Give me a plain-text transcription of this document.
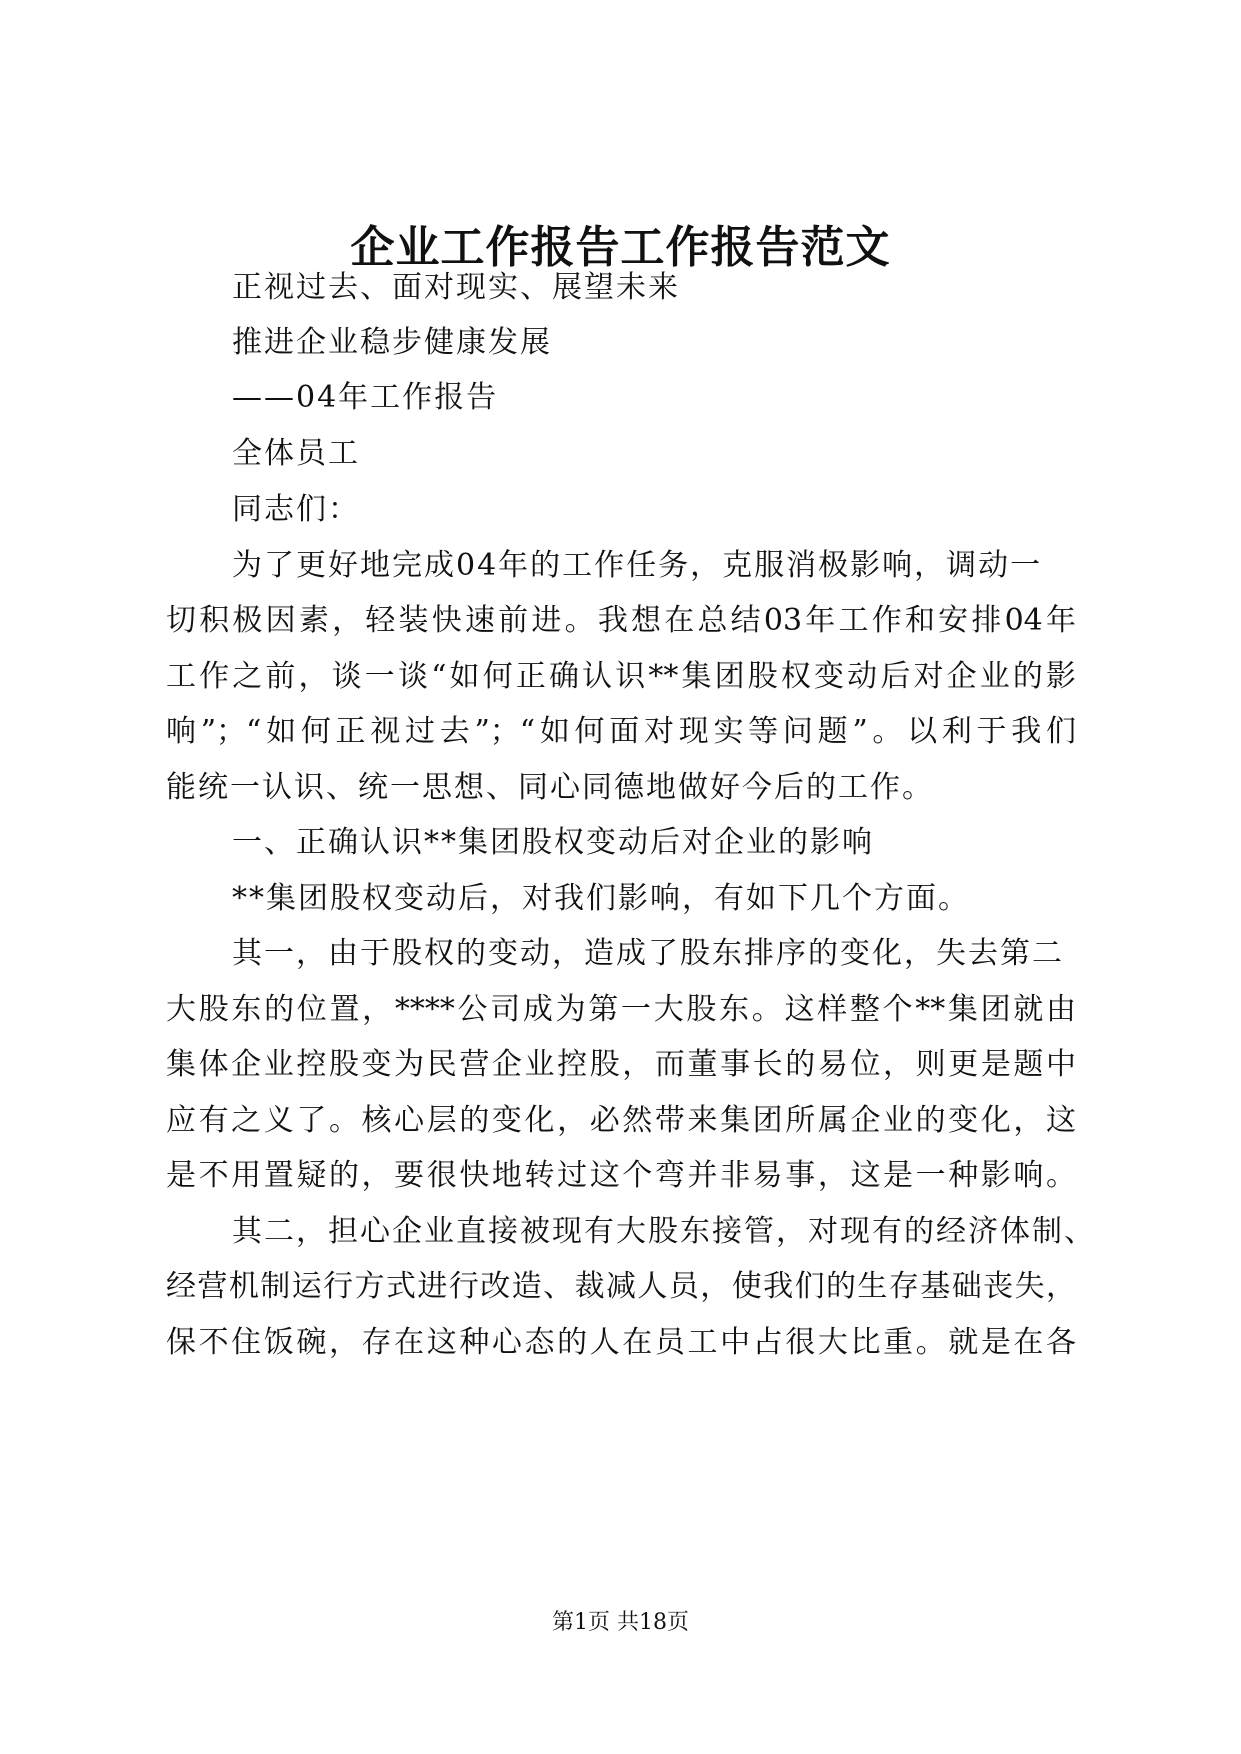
企业工作报告工作报告范文
正视过去、面对现实、展望未来
推进企业稳步健康发展
——04年工作报告
全体员工
同志们：
为了更好地完成04年的工作任务，克服消极影响，调动一
切积极因素，轻装快速前进。我想在总结03年工作和安排04年
工作之前，谈一谈“如何正确认识**集团股权变动后对企业的影
响”；“如何正视过去”；“如何面对现实等问题”。以利于我们
能统一认识、统一思想、同心同德地做好今后的工作。
一、正确认识**集团股权变动后对企业的影响
**集团股权变动后，对我们影响，有如下几个方面。
其一，由于股权的变动，造成了股东排序的变化，失去第二
大股东的位置，****公司成为第一大股东。这样整个**集团就由
集体企业控股变为民营企业控股，而董事长的易位，则更是题中
应有之义了。核心层的变化，必然带来集团所属企业的变化，这
是不用置疑的，要很快地转过这个弯并非易事，这是一种影响。
其二，担心企业直接被现有大股东接管，对现有的经济体制、
经营机制运行方式进行改造、裁减人员，使我们的生存基础丧失，
保不住饭碗，存在这种心态的人在员工中占很大比重。就是在各
第1页 共18页
